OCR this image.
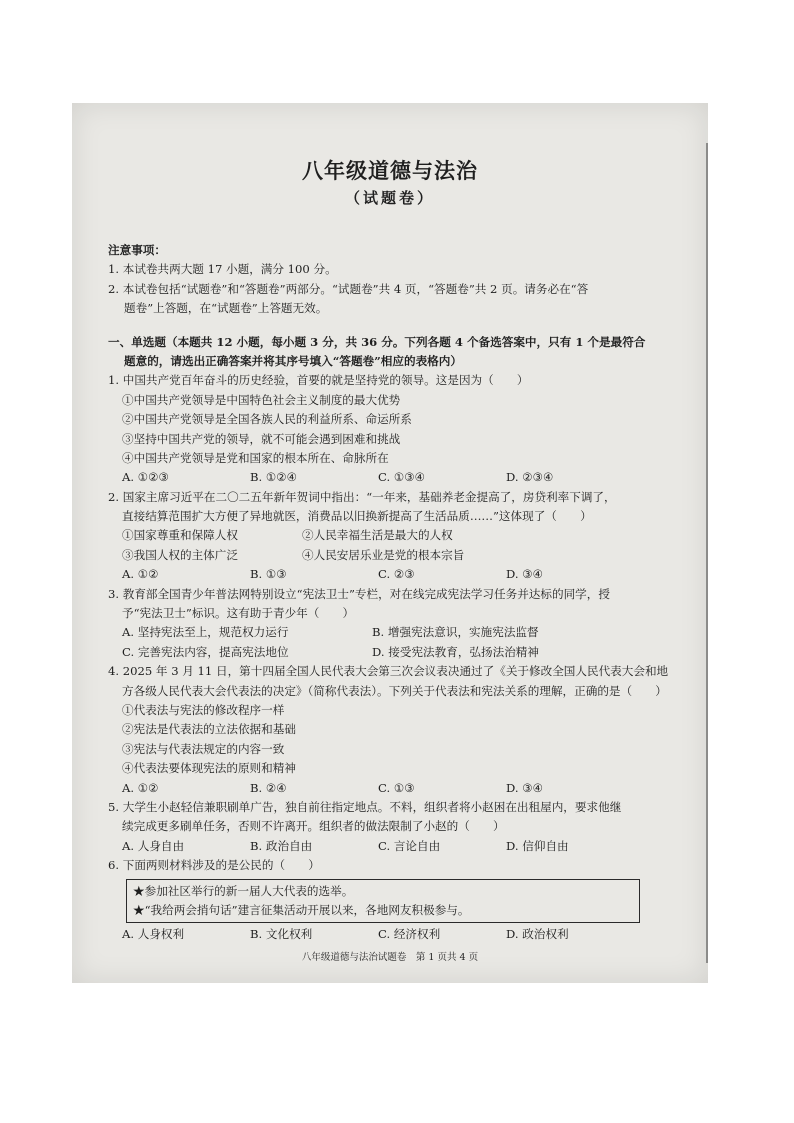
八年级道德与法治
（试题卷）
注意事项：
1. 本试卷共两大题 17 小题，满分 100 分。
2. 本试卷包括“试题卷”和“答题卷”两部分。“试题卷”共 4 页，“答题卷”共 2 页。请务必在“答
题卷”上答题，在“试题卷”上答题无效。
一、单选题（本题共 12 小题，每小题 3 分，共 36 分。下列各题 4 个备选答案中，只有 1 个是最符合
题意的，请选出正确答案并将其序号填入“答题卷”相应的表格内）
1. 中国共产党百年奋斗的历史经验，首要的就是坚持党的领导。这是因为（　　）
①中国共产党领导是中国特色社会主义制度的最大优势
②中国共产党领导是全国各族人民的利益所系、命运所系
③坚持中国共产党的领导，就不可能会遇到困难和挑战
④中国共产党领导是党和国家的根本所在、命脉所在
A. ①②③	B. ①②④	C. ①③④	D. ②③④
2. 国家主席习近平在二〇二五年新年贺词中指出：“一年来，基础养老金提高了，房贷利率下调了，
直接结算范围扩大方便了异地就医，消费品以旧换新提高了生活品质……”这体现了（　　）
①国家尊重和保障人权	②人民幸福生活是最大的人权
③我国人权的主体广泛	④人民安居乐业是党的根本宗旨
A. ①②	B. ①③	C. ②③	D. ③④
3. 教育部全国青少年普法网特别设立“宪法卫士”专栏，对在线完成宪法学习任务并达标的同学，授
予“宪法卫士”标识。这有助于青少年（　　）
A. 坚持宪法至上，规范权力运行	B. 增强宪法意识，实施宪法监督
C. 完善宪法内容，提高宪法地位	D. 接受宪法教育，弘扬法治精神
4. 2025 年 3 月 11 日，第十四届全国人民代表大会第三次会议表决通过了《关于修改全国人民代表大会和地
方各级人民代表大会代表法的决定》（简称代表法）。下列关于代表法和宪法关系的理解，正确的是（　　）
①代表法与宪法的修改程序一样
②宪法是代表法的立法依据和基础
③宪法与代表法规定的内容一致
④代表法要体现宪法的原则和精神
A. ①②	B. ②④	C. ①③	D. ③④
5. 大学生小赵轻信兼职刷单广告，独自前往指定地点。不料，组织者将小赵困在出租屋内，要求他继
续完成更多刷单任务，否则不许离开。组织者的做法限制了小赵的（　　）
A. 人身自由	B. 政治自由	C. 言论自由	D. 信仰自由
6. 下面两则材料涉及的是公民的（　　）
★参加社区举行的新一届人大代表的选举。
★“我给两会捎句话”建言征集活动开展以来，各地网友积极参与。
A. 人身权利	B. 文化权利	C. 经济权利	D. 政治权利
八年级道德与法治试题卷　第 1 页共 4 页
